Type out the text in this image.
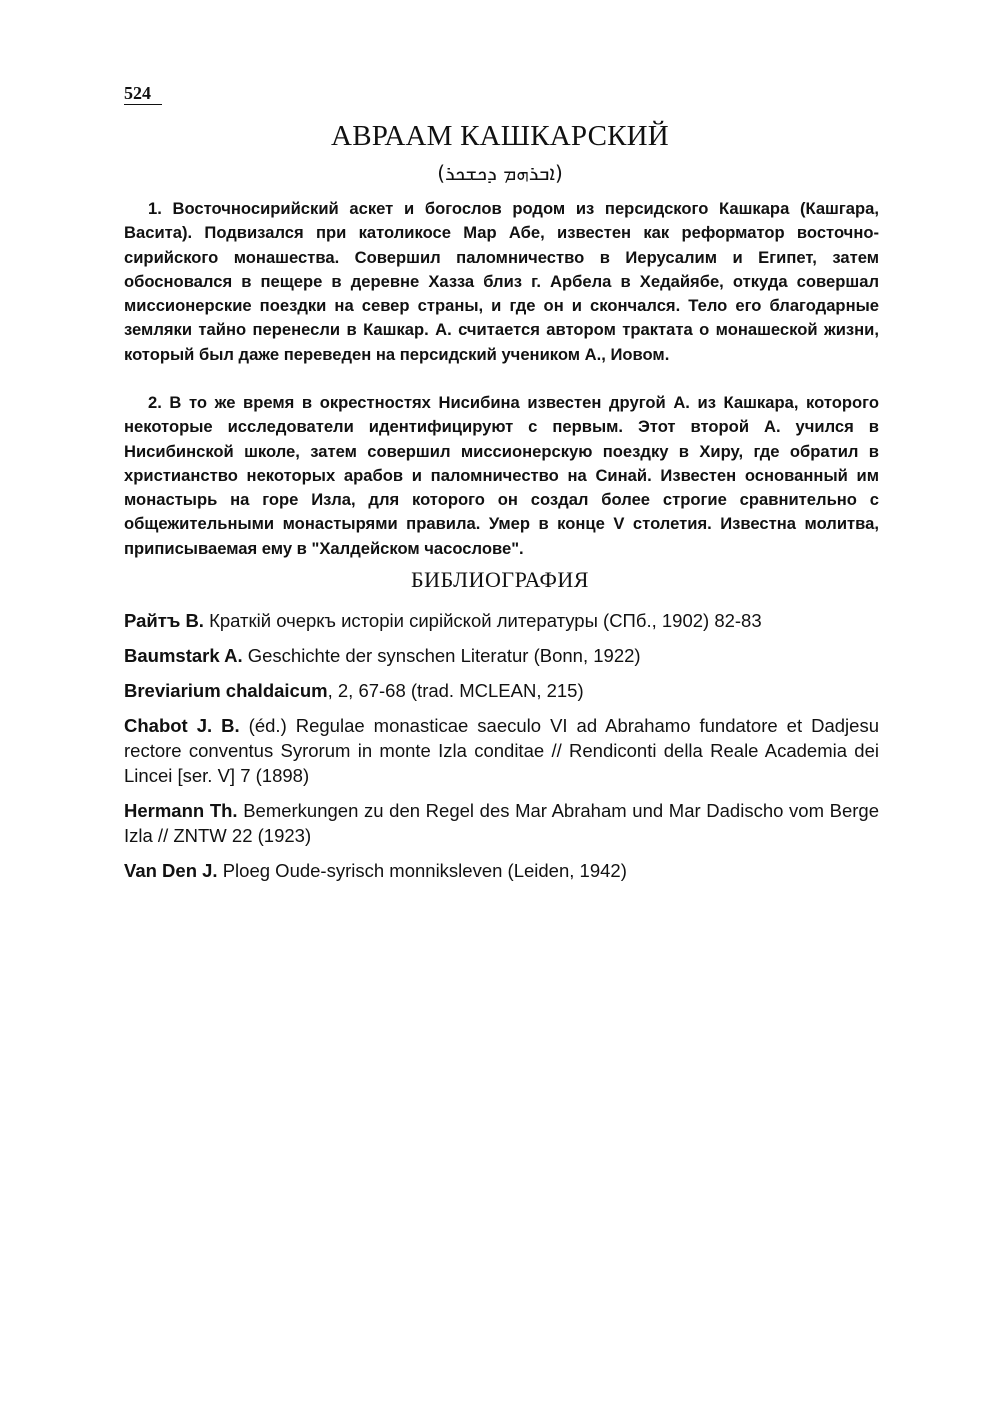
524
АВРААМ КАШКАРСКИЙ
(ܐܒܪܗܡ ܕܟܫܟܪ)

1. Восточносирийский аскет и богослов родом из персидского Кашкара (Кашгара, Васита). Подвизался при католикосе Мар Абе, известен как реформатор восточно-сирийского монашества. Совершил паломничество в Иерусалим и Египет, затем обосновался в пещере в деревне Хазза близ г. Арбела в Хедайябе, откуда совершал миссионерские поездки на север страны, и где он и скончался. Тело его благодарные земляки тайно перенесли в Кашкар. А. считается автором трактата о монашеской жизни, который был даже переведен на персидский учеником А., Иовом.

2. В то же время в окрестностях Нисибина известен другой А. из Кашкара, которого некоторые исследователи идентифицируют с первым. Этот второй А. учился в Нисибинской школе, затем совершил миссионерскую поездку в Хиру, где обратил в христианство некоторых арабов и паломничество на Синай. Известен основанный им монастырь на горе Изла, для которого он создал более строгие сравнительно с общежительными монастырями правила. Умер в конце V столетия. Известна молитва, приписываемая ему в "Халдейском часослове".

БИБЛИОГРАФИЯ
Райтъ В. Краткiй очеркъ исторiи сирiйской литературы (СПб., 1902) 82-83
Baumstark A. Geschichte der synschen Literatur (Bonn, 1922)
Breviarium chaldaicum, 2, 67-68 (trad. MCLEAN, 215)
Chabot J. B. (éd.) Regulae monasticae saeculo VI ad Abrahamo fundatore et Dadjesu rectore conventus Syrorum in monte Izla conditae // Rendiconti della Reale Academia dei Lincei [ser. V] 7 (1898)
Hermann Th. Bemerkungen zu den Regel des Mar Abraham und Mar Dadischo vom Berge Izla // ZNTW 22 (1923)
Van Den J. Ploeg Oude-syrisch monniksleven (Leiden, 1942)
